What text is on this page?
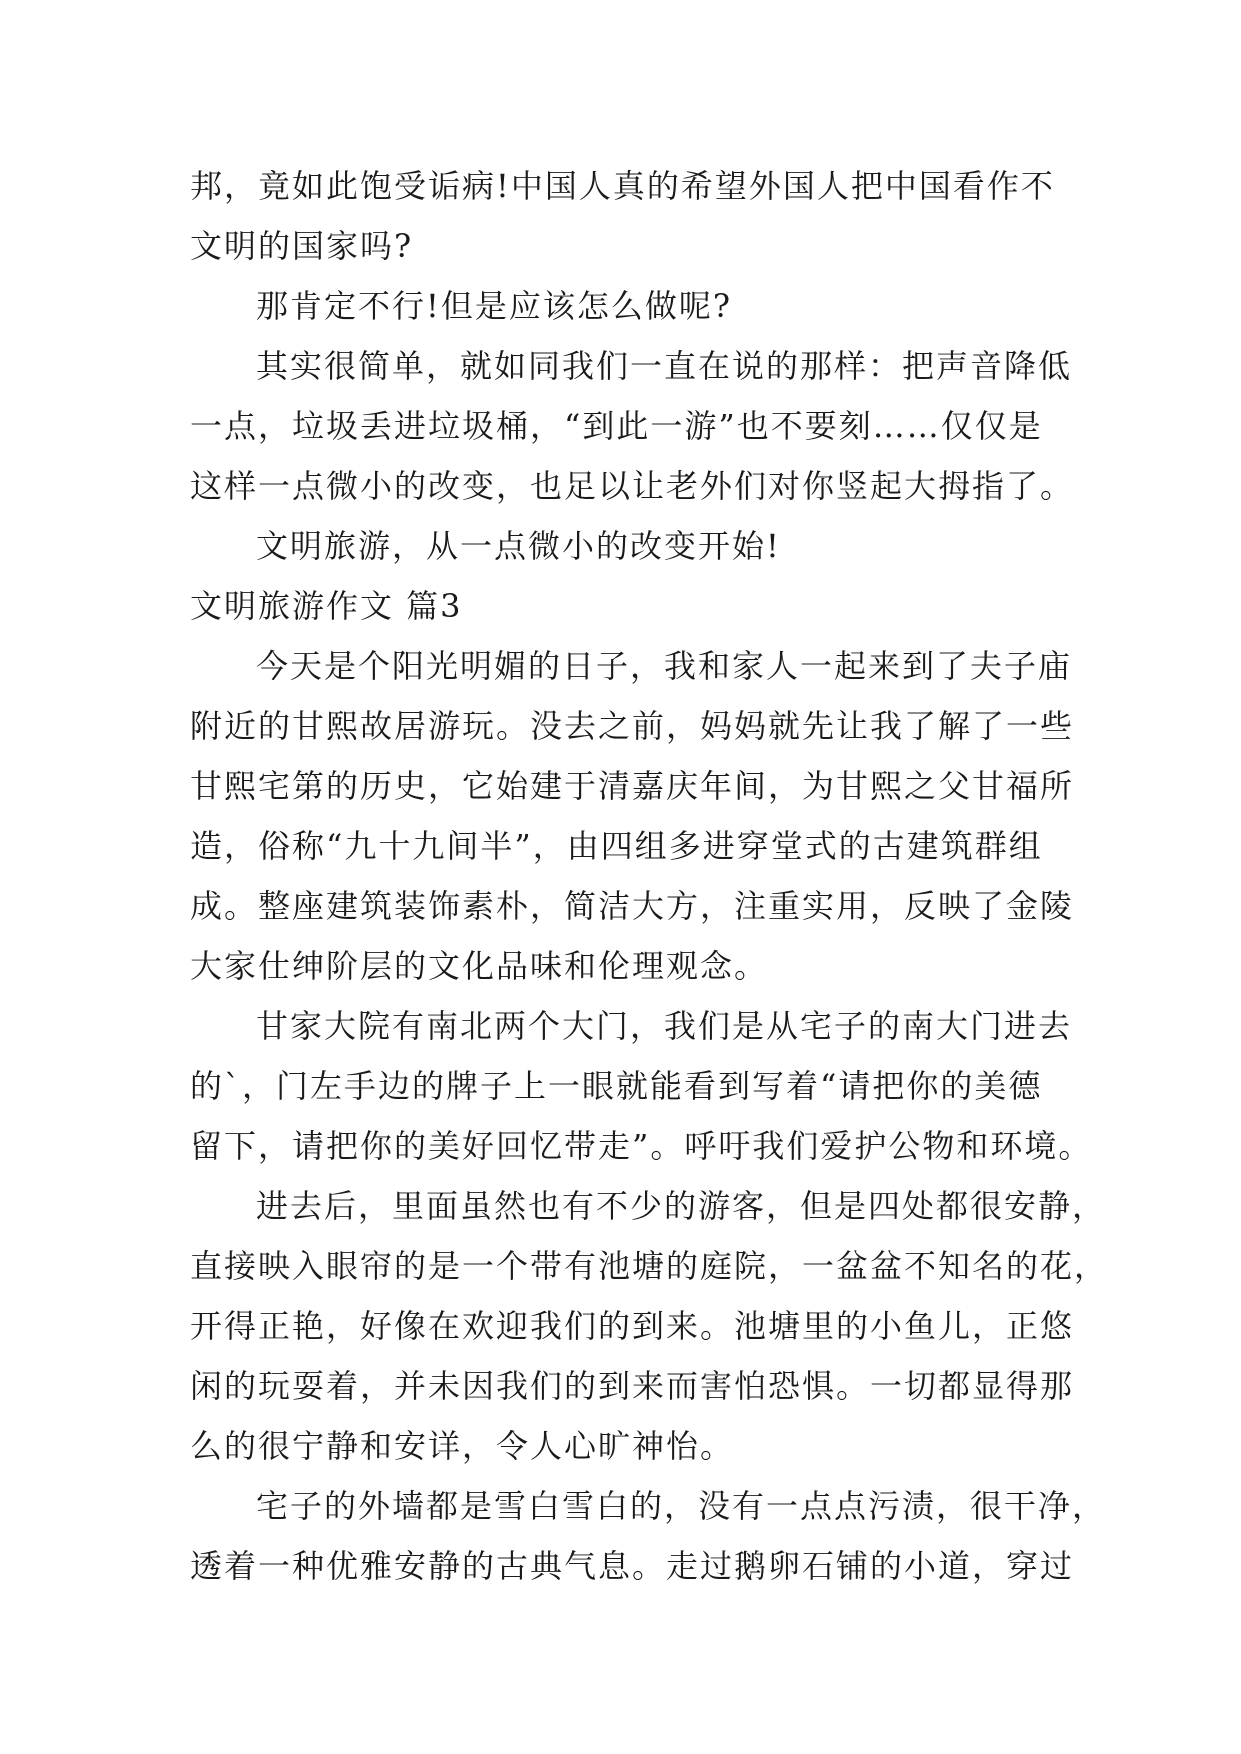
邦，竟如此饱受诟病!中国人真的希望外国人把中国看作不
文明的国家吗?
那肯定不行!但是应该怎么做呢?
其实很简单，就如同我们一直在说的那样：把声音降低
一点，垃圾丢进垃圾桶，“到此一游”也不要刻……仅仅是
这样一点微小的改变，也足以让老外们对你竖起大拇指了。
文明旅游，从一点微小的改变开始!
文明旅游作文 篇3
今天是个阳光明媚的日子，我和家人一起来到了夫子庙
附近的甘熙故居游玩。没去之前，妈妈就先让我了解了一些
甘熙宅第的历史，它始建于清嘉庆年间，为甘熙之父甘福所
造，俗称“九十九间半”，由四组多进穿堂式的古建筑群组
成。整座建筑装饰素朴，简洁大方，注重实用，反映了金陵
大家仕绅阶层的文化品味和伦理观念。
甘家大院有南北两个大门，我们是从宅子的南大门进去
的`，门左手边的牌子上一眼就能看到写着“请把你的美德
留下，请把你的美好回忆带走”。呼吁我们爱护公物和环境。
进去后，里面虽然也有不少的游客，但是四处都很安静，
直接映入眼帘的是一个带有池塘的庭院，一盆盆不知名的花，
开得正艳，好像在欢迎我们的到来。池塘里的小鱼儿，正悠
闲的玩耍着，并未因我们的到来而害怕恐惧。一切都显得那
么的很宁静和安详，令人心旷神怡。
宅子的外墙都是雪白雪白的，没有一点点污渍，很干净，
透着一种优雅安静的古典气息。走过鹅卵石铺的小道，穿过
